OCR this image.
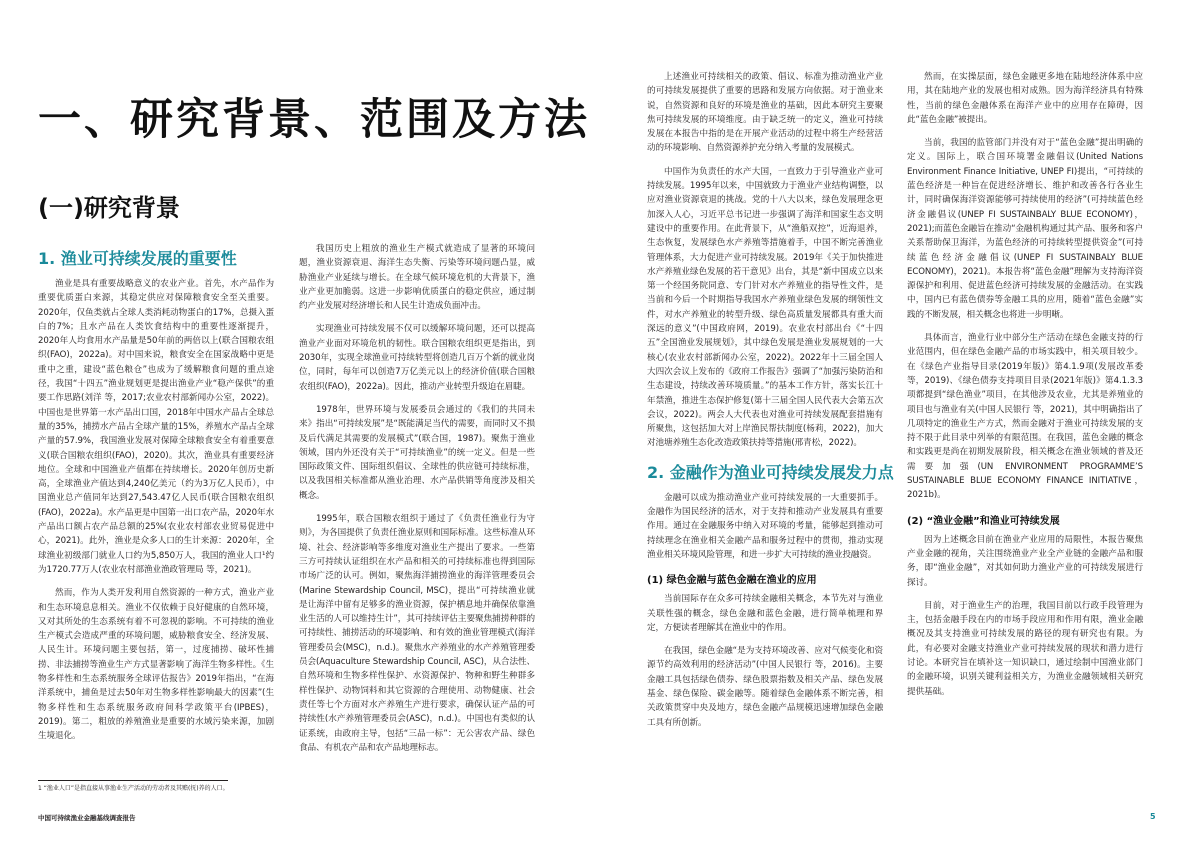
一、研究背景、范围及方法
(一)研究背景
1. 渔业可持续发展的重要性

渔业是具有重要战略意义的农业产业。首先，水产品作为重要优质蛋白来源，其稳定供应对保障粮食安全至关重要。2020年，仅鱼类就占全球人类消耗动物蛋白的17%，总摄入蛋白的7%；且水产品在人类饮食结构中的重要性逐渐提升，2020年人均食用水产品量是50年前的两倍以上(联合国粮农组织(FAO)，2022a)。对中国来说，粮食安全在国家战略中更是重中之重，建设“蓝色粮仓”也成为了缓解粮食问题的重点途径，我国“十四五”渔业规划更是提出渔业产业“稳产保供”的重要工作思路(刘洋 等，2017;农业农村部新闻办公室，2022)。中国也是世界第一水产品出口国，2018年中国水产品占全球总量的35%，捕捞水产品占全球产量的15%，养殖水产品占全球产量的57.9%，我国渔业发展对保障全球粮食安全有着重要意义(联合国粮农组织(FAO)，2020)。其次，渔业具有重要经济地位。全球和中国渔业产值都在持续增长。2020年创历史新高，全球渔业产值达到4,240亿美元（约为3万亿人民币），中国渔业总产值同年达到27,543.47亿人民币(联合国粮农组织(FAO)，2022a)。水产品更是中国第一出口农产品，2020年水产品出口额占农产品总额的25%(农业农村部农业贸易促进中心，2021)。此外，渔业是众多人口的生计来源：2020年，全球渔业初级部门就业人口约为5,850万人，我国的渔业人口¹约为1720.77万人(农业农村部渔业渔政管理局 等，2021)。

然而，作为人类开发利用自然资源的一种方式，渔业产业和生态环境息息相关。渔业不仅依赖于良好健康的自然环境，又对其所处的生态系统有着不可忽视的影响。不可持续的渔业生产模式会造成严重的环境问题，威胁粮食安全、经济发展、人民生计。环境问题主要包括，第一，过度捕捞、破坏性捕捞、非法捕捞等渔业生产方式显著影响了海洋生物多样性。《生物多样性和生态系统服务全球评估报告》2019年指出，“在海洋系统中，捕鱼是过去50年对生物多样性影响最大的因素”(生物多样性和生态系统服务政府间科学政策平台(IPBES)，2019)。第二，粗放的养殖渔业是重要的水域污染来源，加剧生境退化。

我国历史上粗放的渔业生产模式就造成了显著的环境问题，渔业资源衰退、海洋生态失衡、污染等环境问题凸显，威胁渔业产业延续与增长。在全球气候环境危机的大背景下，渔业产业更加脆弱。这进一步影响优质蛋白的稳定供应，通过制约产业发展对经济增长和人民生计造成负面冲击。

实现渔业可持续发展不仅可以缓解环境问题，还可以提高渔业产业面对环境危机的韧性。联合国粮农组织更是指出，到2030年，实现全球渔业可持续转型将创造几百万个新的就业岗位，同时，每年可以创造7万亿美元以上的经济价值(联合国粮农组织(FAO)，2022a)。因此，推动产业转型升级迫在眉睫。

1978年，世界环境与发展委员会通过的《我们的共同未来》指出“可持续发展”是“既能满足当代的需要，而同时又不损及后代满足其需要的发展模式”(联合国，1987)。聚焦于渔业领域，国内外还没有关于“可持续渔业”的统一定义。但是一些国际政策文件、国际组织倡议、全球性的供应链可持续标准，以及我国相关标准都从渔业治理、水产品供销等角度涉及相关概念。

1995年，联合国粮农组织于通过了《负责任渔业行为守则》，为各国提供了负责任渔业原则和国际标准。这些标准从环境、社会、经济影响等多维度对渔业生产提出了要求。一些第三方可持续认证组织在水产品和相关的可持续标准也得到国际市场广泛的认可。例如，聚焦海洋捕捞渔业的海洋管理委员会(Marine Stewardship Council, MSC)，提出“可持续渔业就是让海洋中留有足够多的渔业资源，保护栖息地并确保依靠渔业生活的人可以维持生计”，其可持续评估主要聚焦捕捞种群的可持续性、捕捞活动的环境影响、和有效的渔业管理模式(海洋管理委员会(MSC)，n.d.)。聚焦水产养殖业的水产养殖管理委员会(Aquaculture Stewardship Council, ASC)，从合法性、自然环境和生物多样性保护、水资源保护、物种和野生种群多样性保护、动物饲料和其它资源的合理使用、动物健康、社会责任等七个方面对水产养殖生产进行要求，确保认证产品的可持续性(水产养殖管理委员会(ASC)，n.d.)。中国也有类似的认证系统，由政府主导，包括“三品一标”：无公害农产品、绿色食品、有机农产品和农产品地理标志。

上述渔业可持续相关的政策、倡议、标准为推动渔业产业的可持续发展提供了重要的思路和发展方向依据。对于渔业来说，自然资源和良好的环境是渔业的基础，因此本研究主要聚焦可持续发展的环境维度。由于缺乏统一的定义，渔业可持续发展在本报告中指的是在开展产业活动的过程中将生产经营活动的环境影响、自然资源养护充分纳入考量的发展模式。

中国作为负责任的水产大国，一直致力于引导渔业产业可持续发展。1995年以来，中国就致力于渔业产业结构调整，以应对渔业资源衰退的挑战。党的十八大以来，绿色发展理念更加深入人心，习近平总书记进一步强调了海洋和国家生态文明建设中的重要作用。在此背景下，从“渔船双控”，近海退养，生态恢复，发展绿色水产养殖等措施着手，中国不断完善渔业管理体系，大力促进产业可持续发展。2019年《关于加快推进水产养殖业绿色发展的若干意见》出台，其是“新中国成立以来第一个经国务院同意、专门针对水产养殖业的指导性文件，是当前和今后一个时期指导我国水产养殖业绿色发展的纲领性文件，对水产养殖业的转型升级、绿色高质量发展都具有重大而深远的意义”(中国政府网，2019)。农业农村部出台《“十四五”全国渔业发展规划》，其中绿色发展是渔业发展规划的一大核心(农业农村部新闻办公室，2022)。2022年十三届全国人大四次会议上发布的《政府工作报告》强调了“加强污染防治和生态建设，持续改善环境质量。”的基本工作方针，落实长江十年禁渔，推进生态保护修复(第十三届全国人民代表大会第五次会议，2022)。两会人大代表也对渔业可持续发展配套措施有所聚焦，这包括加大对上岸渔民帮扶制度(杨莉，2022)，加大对池塘养殖生态化改造政策扶持等措施(邢青松，2022)。

2. 金融作为渔业可持续发展发力点

金融可以成为推动渔业产业可持续发展的一大重要抓手。金融作为国民经济的活水，对于支持和推动产业发展具有重要作用。通过在金融服务中纳入对环境的考量，能够起到推动可持续理念在渔业相关金融产品和服务过程中的贯彻，推动实现渔业相关环境风险管理，和进一步扩大可持续的渔业投融资。

(1) 绿色金融与蓝色金融在渔业的应用

当前国际存在众多可持续金融相关概念，本节先对与渔业关联性强的概念，绿色金融和蓝色金融，进行简单梳理和界定，方便读者理解其在渔业中的作用。

在我国，绿色金融“是为支持环境改善、应对气候变化和资源节约高效利用的经济活动”(中国人民银行 等，2016)。主要金融工具包括绿色债券、绿色股票指数及相关产品、绿色发展基金、绿色保险、碳金融等。随着绿色金融体系不断完善，相关政策贯穿中央及地方，绿色金融产品规模迅速增加绿色金融工具有所创新。

然而，在实操层面，绿色金融更多地在陆地经济体系中应用，其在陆地产业的发展也相对成熟。因为海洋经济具有特殊性，当前的绿色金融体系在海洋产业中的应用存在障碍，因此“蓝色金融”被提出。

当前，我国的监管部门并没有对于“蓝色金融”提出明确的定义。国际上，联合国环境署金融倡议(United Nations Environment Finance Initiative, UNEP FI)提出，“可持续的蓝色经济是一种旨在促进经济增长、维护和改善各行各业生计，同时确保海洋资源能够可持续使用的经济”(可持续蓝色经济金融倡议(UNEP FI SUSTAINBALY BLUE ECONOMY)，2021);而蓝色金融旨在推动“金融机构通过其产品、服务和客户关系帮助保卫海洋，为蓝色经济的可持续转型提供资金”(可持续蓝色经济金融倡议(UNEP FI SUSTAINBALY BLUE ECONOMY)，2021)。本报告将“蓝色金融”理解为支持海洋资源保护和利用、促进蓝色经济可持续发展的金融活动。在实践中，国内已有蓝色债券等金融工具的应用，随着“蓝色金融”实践的不断发展，相关概念也将进一步明晰。

具体而言，渔业行业中部分生产活动在绿色金融支持的行业范围内，但在绿色金融产品的市场实践中，相关项目较少。在《绿色产业指导目录(2019年版)》第4.1.9项(发展改革委等，2019)、《绿色债券支持项目目录(2021年版)》第4.1.3.3项都提到“绿色渔业”项目，在其他涉及农业，尤其是养殖业的项目也与渔业有关(中国人民银行 等，2021)，其中明确指出了几项特定的渔业生产方式，然而金融对于渔业可持续发展的支持不限于此目录中列举的有限范围。在我国，蓝色金融的概念和实践更是尚在初期发展阶段，相关概念在渔业领域的普及还需要加强(UN ENVIRONMENT PROGRAMME’S SUSTAINABLE BLUE ECONOMY FINANCE INITIATIVE，2021b)。

(2) “渔业金融”和渔业可持续发展

因为上述概念目前在渔业产业应用的局限性，本报告聚焦产业金融的视角，关注围绕渔业产业全产业链的金融产品和服务，即“渔业金融”，对其如何助力渔业产业的可持续发展进行探讨。

目前，对于渔业生产的治理，我国目前以行政手段管理为主，包括金融手段在内的市场手段应用和作用有限，渔业金融概况及其支持渔业可持续发展的路径的现有研究也有限。为此，有必要对金融支持渔业产业可持续发展的现状和潜力进行讨论。本研究旨在填补这一知识缺口，通过绘制中国渔业部门的金融环境，识别关键利益相关方，为渔业金融领域相关研究提供基础。

1 “渔业人口”是指直接从事渔业生产活动的劳动者及其赡(抚)养的人口。
中国可持续渔业金融基线调查报告	5
